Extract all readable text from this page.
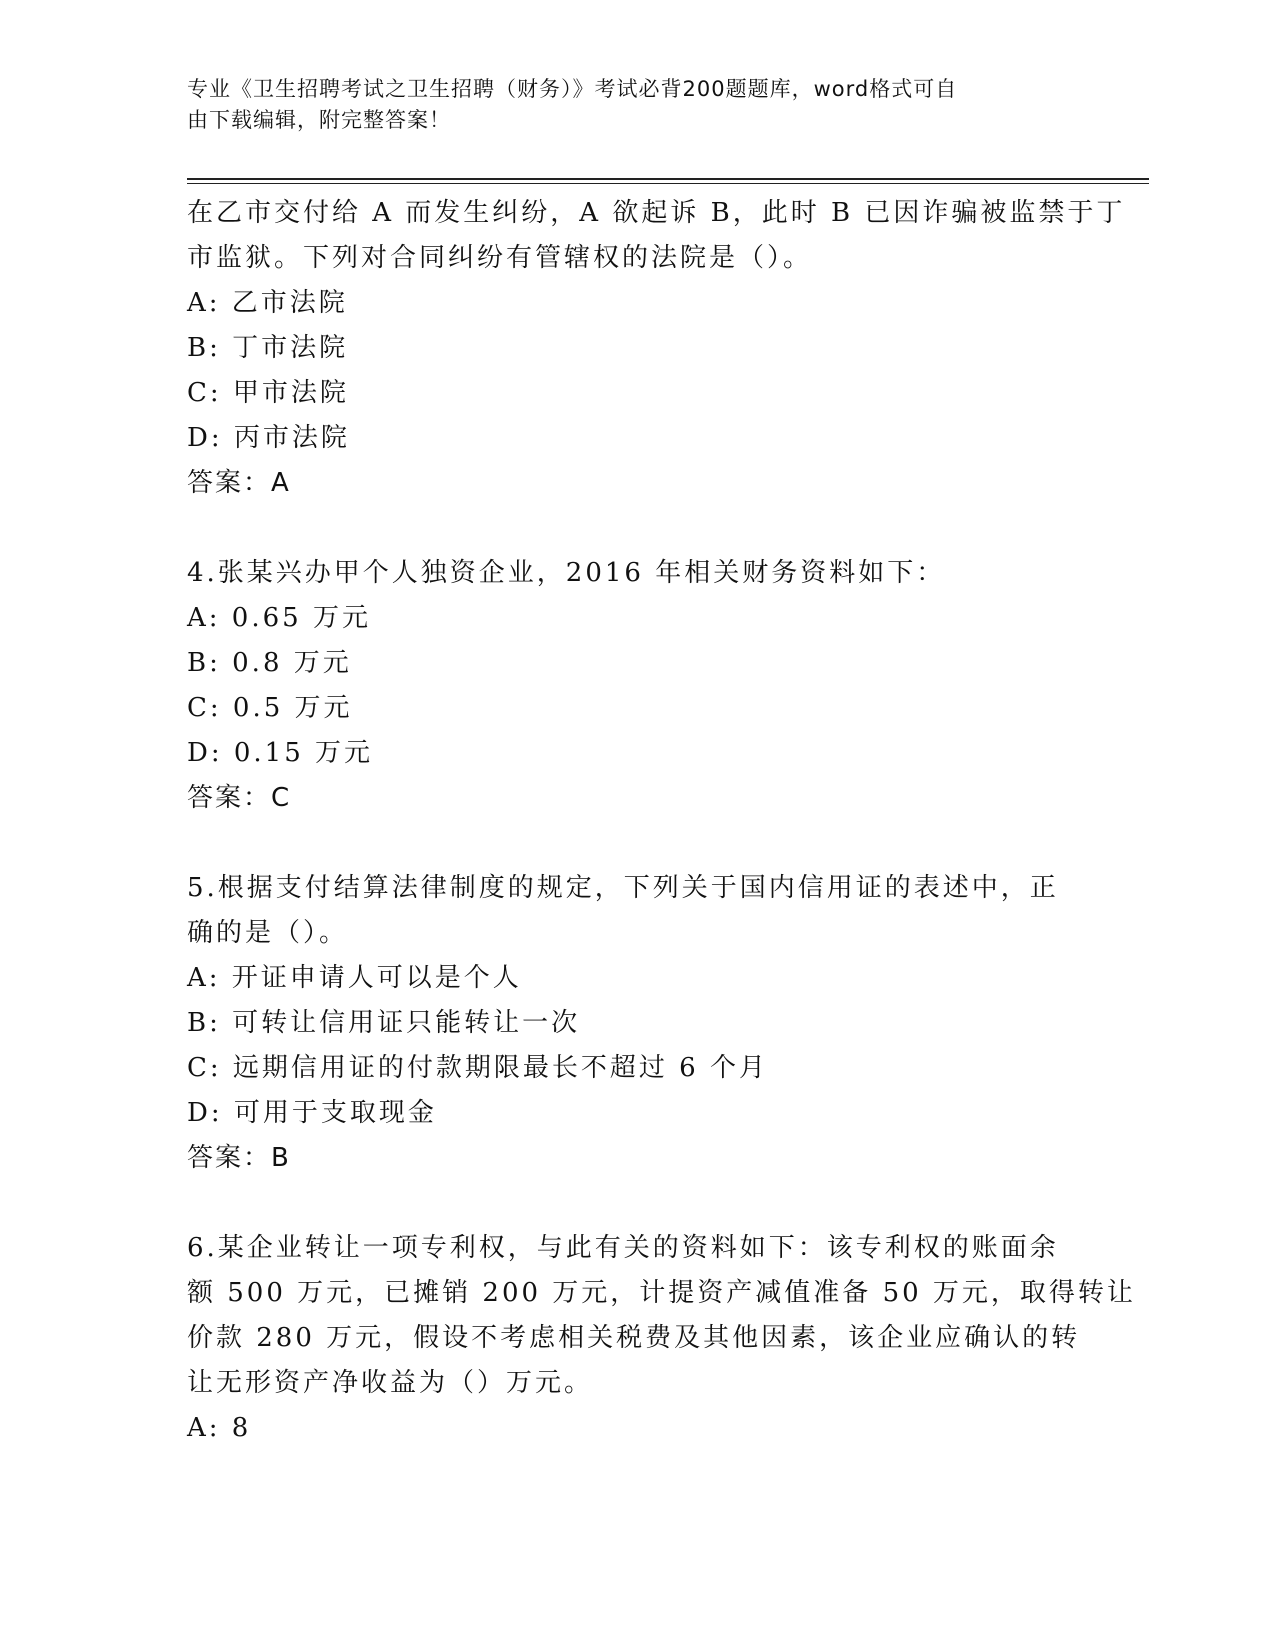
专业《卫生招聘考试之卫生招聘（财务）》考试必背200题题库，word格式可自
由下载编辑，附完整答案！

在乙市交付给 A 而发生纠纷，A 欲起诉 B，此时 B 已因诈骗被监禁于丁

市监狱。下列对合同纠纷有管辖权的法院是（）。

A: 乙市法院

B: 丁市法院

C: 甲市法院

D: 丙市法院

答案：A

4.张某兴办甲个人独资企业，2016 年相关财务资料如下：

A: 0.65 万元

B: 0.8 万元

C: 0.5 万元

D: 0.15 万元

答案：C

5.根据支付结算法律制度的规定，下列关于国内信用证的表述中，正

确的是（）。

A: 开证申请人可以是个人

B: 可转让信用证只能转让一次

C: 远期信用证的付款期限最长不超过 6 个月

D: 可用于支取现金

答案：B

6.某企业转让一项专利权，与此有关的资料如下：该专利权的账面余

额 500 万元，已摊销 200 万元，计提资产减值准备 50 万元，取得转让

价款 280 万元，假设不考虑相关税费及其他因素，该企业应确认的转

让无形资产净收益为（）万元。

A: 8
